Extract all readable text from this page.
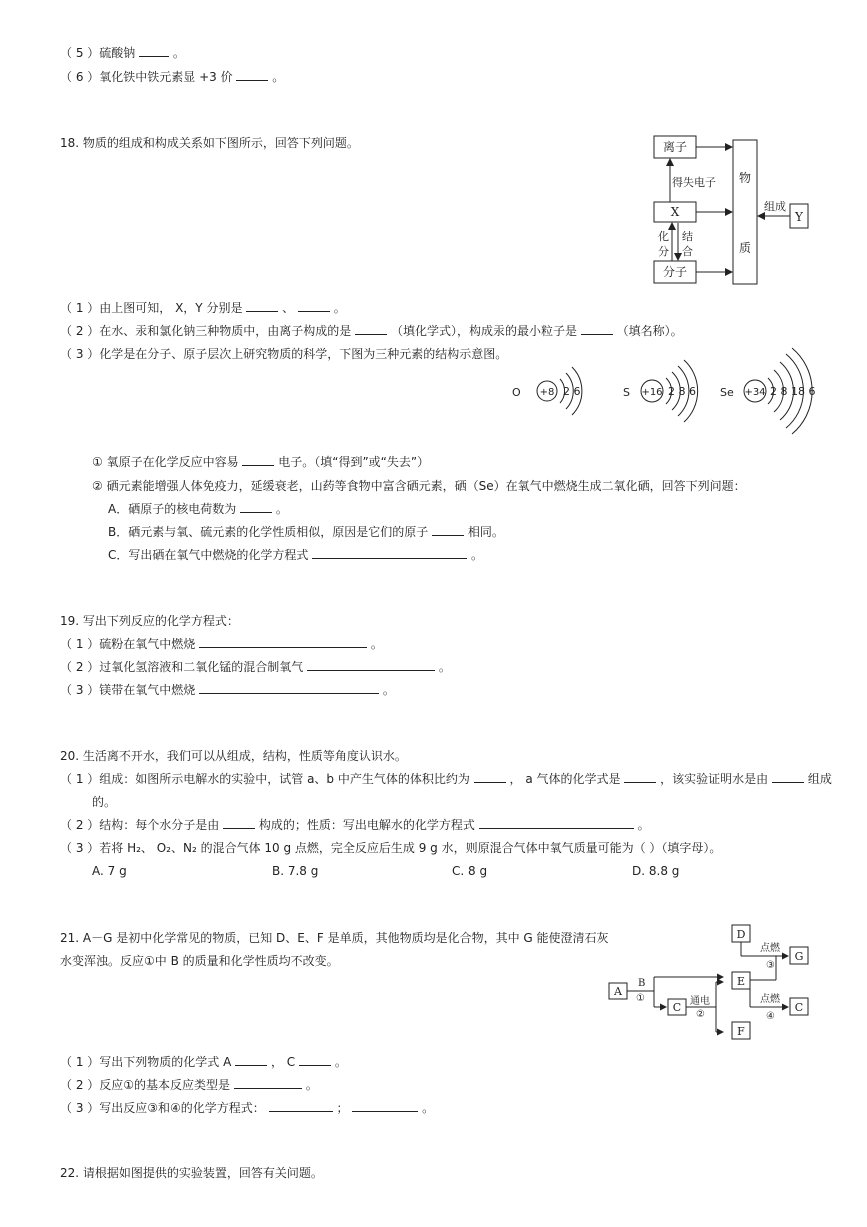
（ 5 ）硫酸钠	。
（ 6 ）氧化铁中铁元素显 +3 价	。
18. 物质的组成和构成关系如下图所示，回答下列问题。	离子
X
分子
物
质
Y
得失电子
组成
结
合
化
分
（ 1 ）由上图可知， X，Y 分别是	、	。
（ 2 ）在水、汞和氯化钠三种物质中，由离子构成的是	（填化学式），构成汞的最小粒子是	（填名称）。
（ 3 ）化学是在分子、原子层次上研究物质的科学，下图为三种元素的结构示意图。
O +8 2 6	S +16 2 8 6 Se +34 2 8 18 6
① 氧原子在化学反应中容易	电子。（填“得到”或“失去”）
② 硒元素能增强人体免疫力，延缓衰老，山药等食物中富含硒元素，硒（Se）在氧气中燃烧生成二氧化硒，回答下列问题：
A．硒原子的核电荷数为	。
B．硒元素与氧、硫元素的化学性质相似，原因是它们的原子	相同。
C．写出硒在氧气中燃烧的化学方程式	。
19. 写出下列反应的化学方程式：
（ 1 ）硫粉在氧气中燃烧	。
（ 2 ）过氧化氢溶液和二氧化锰的混合制氧气	。
（ 3 ）镁带在氧气中燃烧	。
20. 生活离不开水，我们可以从组成，结构，性质等角度认识水。
（ 1 ）组成：如图所示电解水的实验中，试管 a、b 中产生气体的体积比约为	， a 气体的化学式是	，该实验证明水是由	组成
的。
（ 2 ）结构：每个水分子是由	构成的；性质：写出电解水的化学方程式	。
（ 3 ）若将 H₂、 O₂、N₂ 的混合气体 10 g 点燃，完全反应后生成 9 g 水，则原混合气体中氧气质量可能为（ ）（填字母）。
A. 7 g	B. 7.8 g	C. 8 g	D. 8.8 g
21. A－G 是初中化学常见的物质，已知 D、E、F 是单质，其他物质均是化合物，其中 G 能使澄清石灰
水变浑浊。反应①中 B 的质量和化学性质均不改变。
A
B
①
C 通电
②
D
E
F
点燃
③
G
点燃
④
C
（ 1 ）写出下列物质的化学式 A	， C	。
（ 2 ）反应①的基本反应类型是	。
（ 3 ）写出反应③和④的化学方程式：	；	。
22. 请根据如图提供的实验装置，回答有关问题。
